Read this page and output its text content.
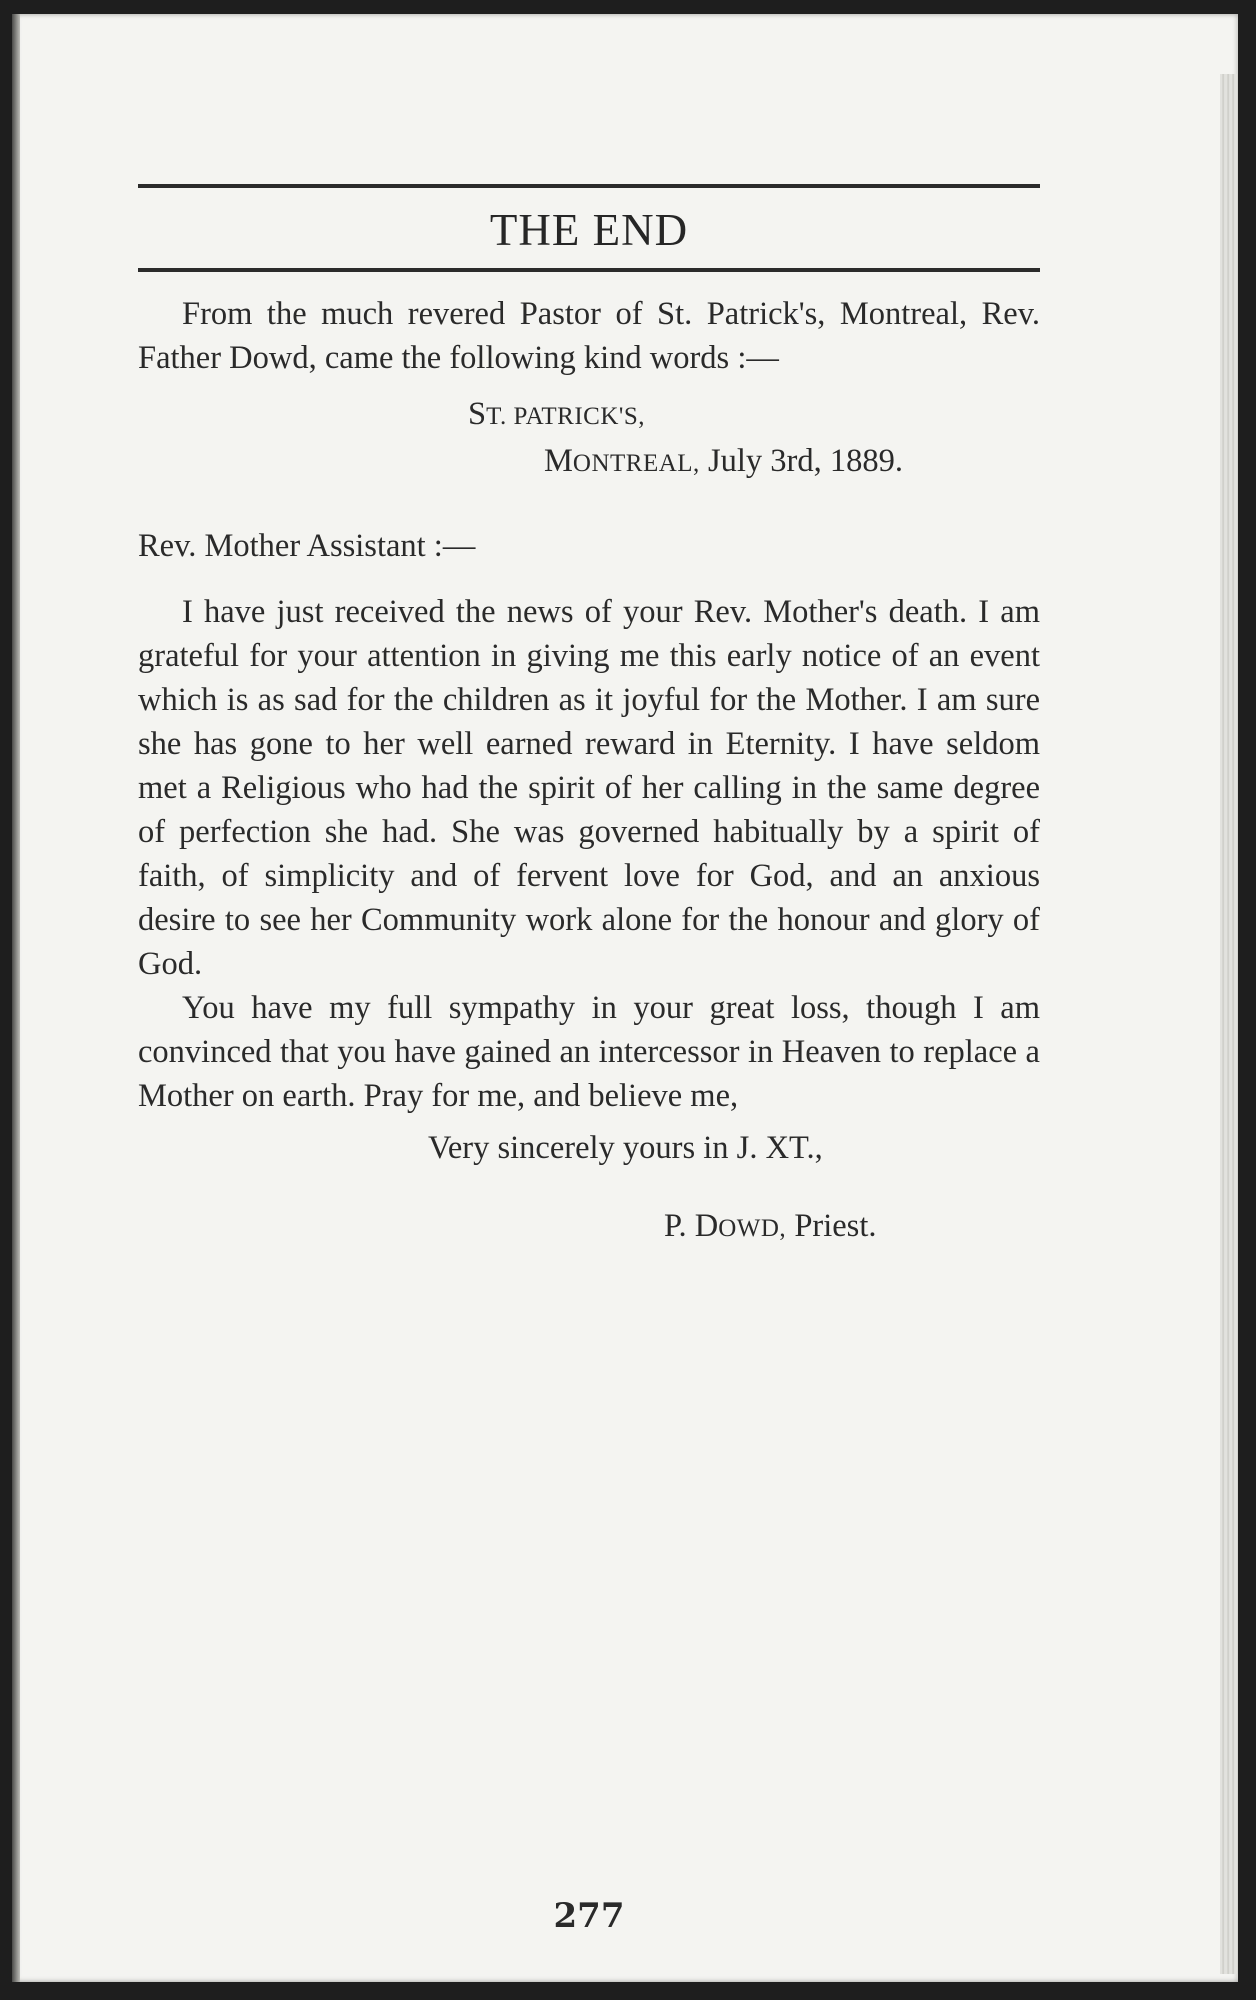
THE END
From the much revered Pastor of St. Patrick's, Montreal, Rev. Father Dowd, came the following kind words :—
ST. PATRICK'S,
MONTREAL, July 3rd, 1889.
Rev. Mother Assistant :—
I have just received the news of your Rev. Mother's death. I am grateful for your attention in giving me this early notice of an event which is as sad for the children as it joyful for the Mother. I am sure she has gone to her well earned reward in Eternity. I have seldom met a Religious who had the spirit of her calling in the same degree of perfection she had. She was governed habitually by a spirit of faith, of simplicity and of fervent love for God, and an anxious desire to see her Community work alone for the honour and glory of God.
You have my full sympathy in your great loss, though I am convinced that you have gained an intercessor in Heaven to replace a Mother on earth. Pray for me, and believe me,
Very sincerely yours in J. XT.,
P. DOWD, Priest.
277
